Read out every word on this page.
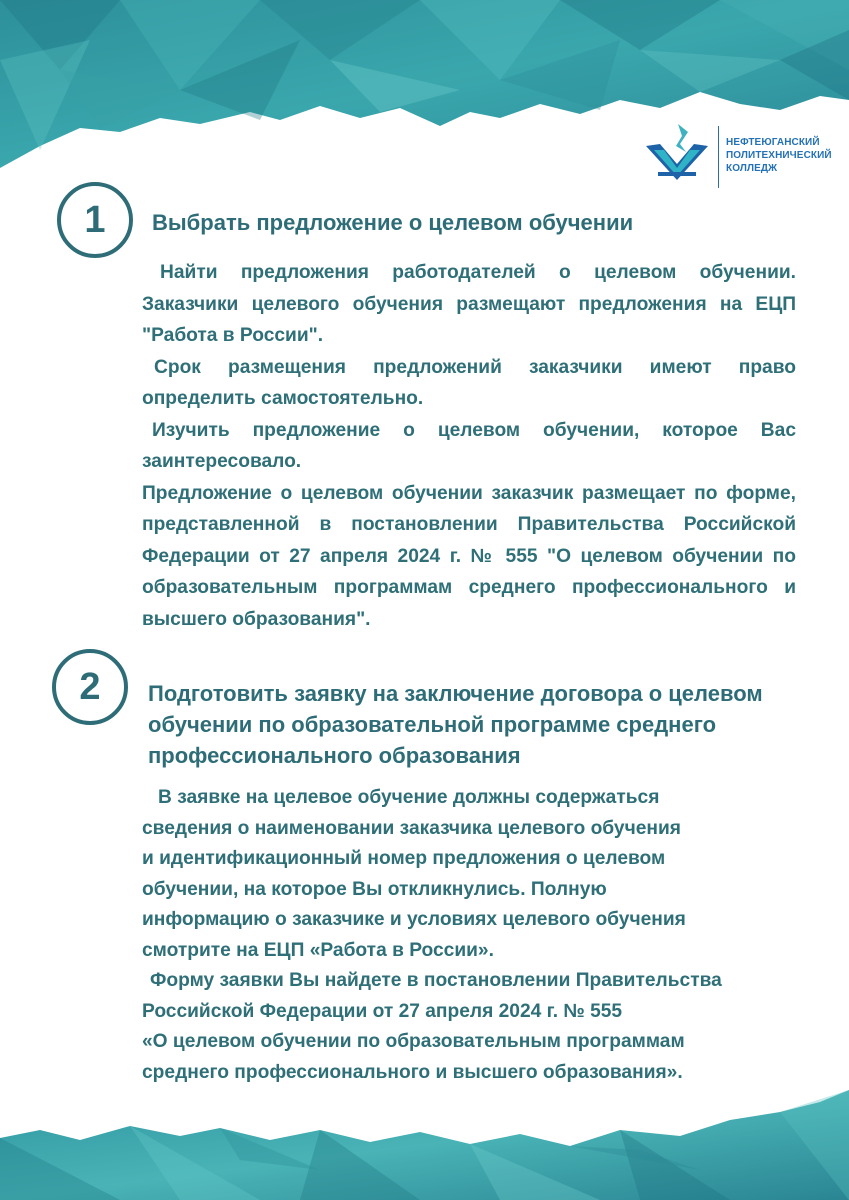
НЕФТЕЮГАНСКИЙ
ПОЛИТЕХНИЧЕСКИЙ
КОЛЛЕДЖ
1	Выбрать предложение о целевом обучении

Найти предложения работодателей о целевом обучении. Заказчики целевого обучения размещают предложения на ЕЦП "Работа в России".

Срок размещения предложений заказчики имеют право определить самостоятельно.

Изучить предложение о целевом обучении, которое Вас заинтересовало.

Предложение о целевом обучении заказчик размещает по форме, представленной в постановлении Правительства Российской Федерации от 27 апреля 2024 г. № 555 "О целевом обучении по образовательным программам среднего профессионального и высшего образования".

2	Подготовить заявку на заключение договора о целевом
обучении по образовательной программе среднего
профессионального образования
В заявке на целевое обучение должны содержаться
сведения о наименовании заказчика целевого обучения
и идентификационный номер предложения о целевом
обучении, на которое Вы откликнулись. Полную
информацию о заказчике и условиях целевого обучения
смотрите на ЕЦП «Работа в России».
Форму заявки Вы найдете в постановлении Правительства
Российской Федерации от 27 апреля 2024 г. № 555
«О целевом обучении по образовательным программам
среднего профессионального и высшего образования».
